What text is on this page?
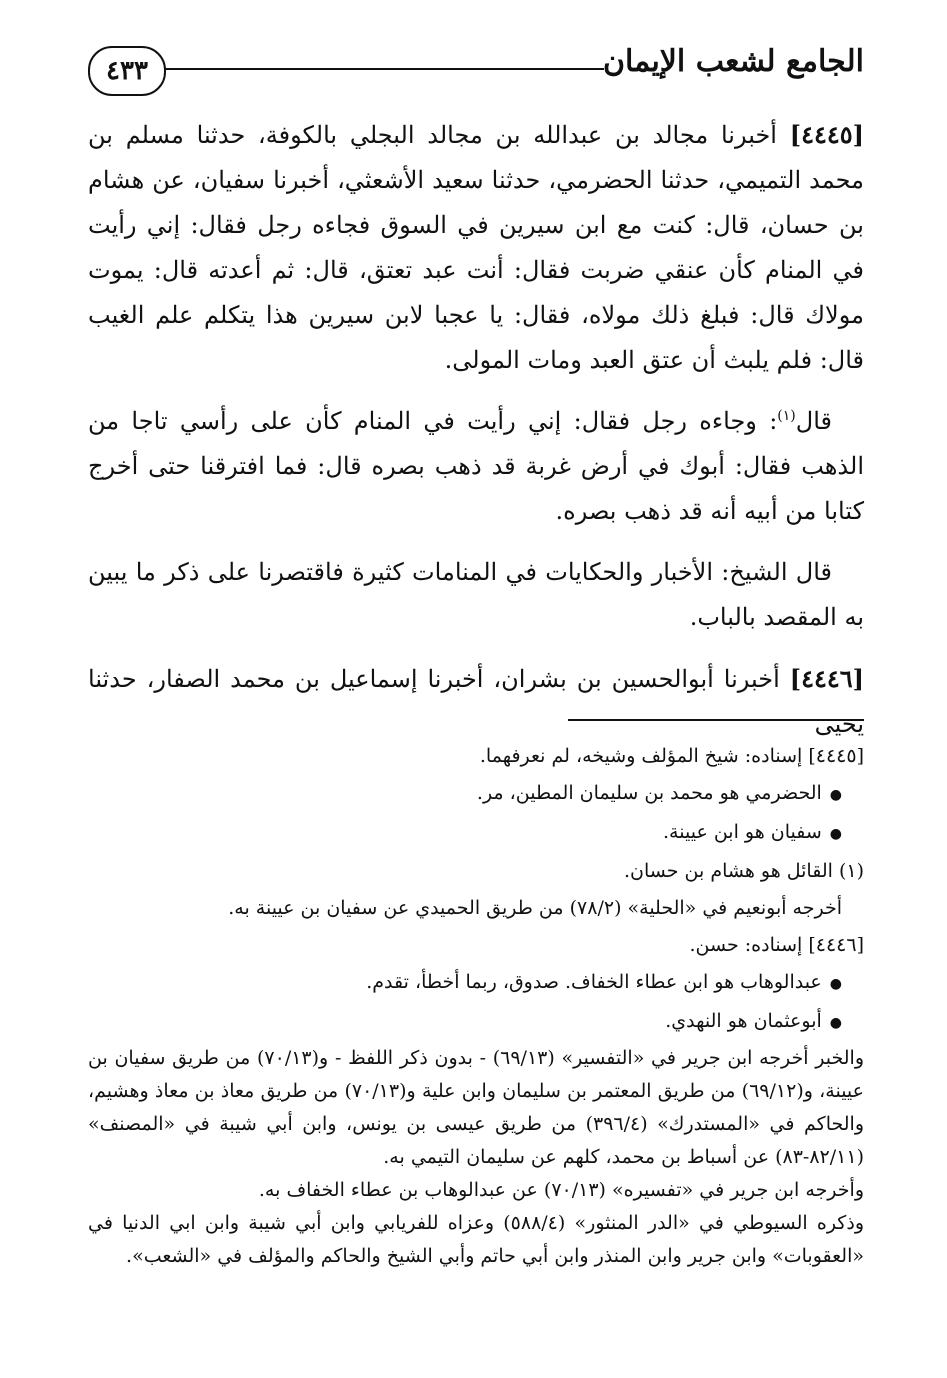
٤٣٣	الجامع لشعب الإيمان

[٤٤٤٥] أخبرنا مجالد بن عبدالله بن مجالد البجلي بالكوفة، حدثنا مسلم بن محمد التميمي، حدثنا الحضرمي، حدثنا سعيد الأشعثي، أخبرنا سفيان، عن هشام بن حسان، قال: كنت مع ابن سيرين في السوق فجاءه رجل فقال: إني رأيت في المنام كأن عنقي ضربت فقال: أنت عبد تعتق، قال: ثم أعدته قال: يموت مولاك قال: فبلغ ذلك مولاه، فقال: يا عجبا لابن سيرين هذا يتكلم علم الغيب قال: فلم يلبث أن عتق العبد ومات المولى.

قال$^{(١)}$: وجاءه رجل فقال: إني رأيت في المنام كأن على رأسي تاجا من الذهب فقال: أبوك في أرض غربة قد ذهب بصره قال: فما افترقنا حتى أخرج كتابا من أبيه أنه قد ذهب بصره.

قال الشيخ: الأخبار والحكايات في المنامات كثيرة فاقتصرنا على ذكر ما يبين به المقصد بالباب.

[٤٤٤٦] أخبرنا أبوالحسين بن بشران، أخبرنا إسماعيل بن محمد الصفار، حدثنا يحيى

[٤٤٤٥] إسناده: شيخ المؤلف وشيخه، لم نعرفهما.

●الحضرمي هو محمد بن سليمان المطين، مر.

●سفيان هو ابن عيينة.

(١) القائل هو هشام بن حسان.

أخرجه أبونعيم في «الحلية» (٧٨/٢) من طريق الحميدي عن سفيان بن عيينة به.

[٤٤٤٦] إسناده: حسن.

●عبدالوهاب هو ابن عطاء الخفاف. صدوق، ربما أخطأ، تقدم.

●أبوعثمان هو النهدي.

والخبر أخرجه ابن جرير في «التفسير» (٦٩/١٣) - بدون ذكر اللفظ - و(٧٠/١٣) من طريق سفيان بن عيينة، و(٦٩/١٢) من طريق المعتمر بن سليمان وابن علية و(٧٠/١٣) من طريق معاذ بن معاذ وهشيم، والحاكم في «المستدرك» (٣٩٦/٤) من طريق عيسى بن يونس، وابن أبي شيبة في «المصنف» (٨٢/١١-٨٣) عن أسباط بن محمد، كلهم عن سليمان التيمي به.

وأخرجه ابن جرير في «تفسيره» (٧٠/١٣) عن عبدالوهاب بن عطاء الخفاف به.

وذكره السيوطي في «الدر المنثور» (٥٨٨/٤) وعزاه للفريابي وابن أبي شيبة وابن ابي الدنيا في «العقوبات» وابن جرير وابن المنذر وابن أبي حاتم وأبي الشيخ والحاكم والمؤلف في «الشعب».
